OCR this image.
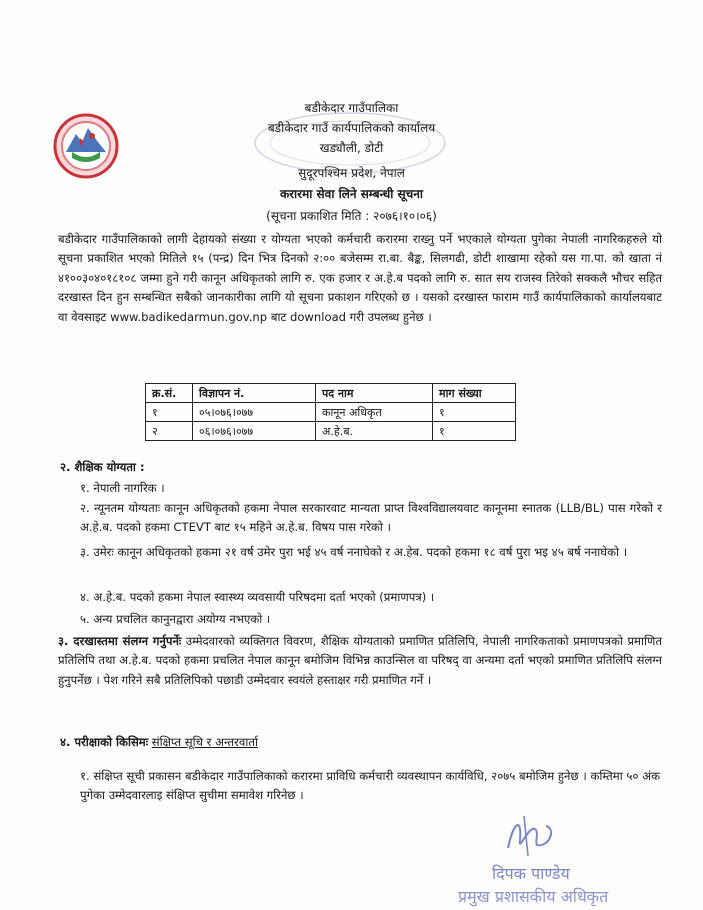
बडीकेदार गाउँपालिका
बडीकेदार गाउँ कार्यपालिकको कार्यालय
खड्यौली, डोटी
सुदूरपश्चिम प्रदेश, नेपाल
करारमा सेवा लिने सम्बन्धी सूचना
(सूचना प्रकाशित मिति : २०७६।१०।०६)

बडीकेदार गाउँपालिकाको लागी देहायको संख्या र योग्यता भएको कर्मचारी करारमा राख्नु पर्ने भएकाले योग्यता पुगेका नेपाली नागरिकहरुले यो सूचना प्रकाशित भएको मितिले १५ (पन्द्र) दिन भित्र दिनको २:०० बजेसम्म रा.बा. बैङ्क, सिलगढी, डोटी शाखामा रहेको यस गा.पा. को खाता नं ४१००३०४०१८१०८ जम्मा हुने गरी कानून अधिकृतको लागि रु. एक हजार र अ.हे.ब पदको लागि रु. सात सय राजस्व तिरेको सक्कलै भौचर सहित दरखास्त दिन हुन सम्बन्धित सबैको जानकारीका लागि यो सूचना प्रकाशन गरिएको छ । यसको दरखास्त फाराम गाउँ कार्यपालिकाको कार्यालयबाट वा वेवसाइट www.badikedarmun.gov.np बाट download गरी उपलब्ध हुनेछ ।

क्र.सं.	विज्ञापन नं.	पद नाम	माग संख्या
१	०५।०७६।०७७	कानून अधिकृत	१
२	०६।०७६।०७७	अ.हे.ब.	१

२. शैक्षिक योग्यता :

१. नेपाली नागरिक ।

२. न्यूनतम योग्यताः कानून अधिकृतको हकमा नेपाल सरकारवाट मान्यता प्राप्त विश्वविद्यालयवाट कानूनमा स्नातक (LLB/BL) पास गरेको र अ.हे.ब. पदको हकमा CTEVT बाट १५ महिने अ.हे.ब. विषय पास गरेको ।

३. उमेरः कानून अधिकृतको हकमा २१ वर्ष उमेर पुरा भई ४५ वर्ष ननाघेको र अ.हेब. पदको हकमा १८ वर्ष पुरा भइ ४५ बर्ष ननाघेको ।

४. अ.हे.ब. पदको हकमा नेपाल स्वास्थ्य व्यवसायी परिषदमा दर्ता भएको (प्रमाणपत्र) ।

५. अन्य प्रचलित कानुनद्वारा अयोग्य नभएको ।

३. दरखास्तमा संलग्न गर्नुपर्नेः उम्मेदवारको व्यक्तिगत विवरण, शैक्षिक योग्यताको प्रमाणित प्रतिलिपि, नेपाली नागरिकताको प्रमाणपत्रको प्रमाणित प्रतिलिपि तथा अ.हे.ब. पदको हकमा प्रचलित नेपाल कानून बमोजिम विभिन्न काउन्सिल वा परिषद् वा अन्यमा दर्ता भएको प्रमाणित प्रतिलिपि संलग्न हुनुपर्नेछ । पेश गरिने सबै प्रतिलिपिको पछाडी उम्मेदवार स्वयंले हस्ताक्षर गरी प्रमाणित गर्ने ।

४. परीक्षाको किसिमः संक्षिप्त सूचि र अन्तरवार्ता

१. संक्षिप्त सूची प्रकासन बडीकेदार गाउँपालिकाको करारमा प्राविधि कर्मचारी व्यवस्थापन कार्यविधि, २०७५ बमोजिम हुनेछ । कम्तिमा ५० अंक पुगेका उम्मेदवारलाइ संक्षिप्त सुचीमा समावेश गरिनेछ ।

दिपक पाण्डेय
प्रमुख प्रशासकीय अधिकृत
